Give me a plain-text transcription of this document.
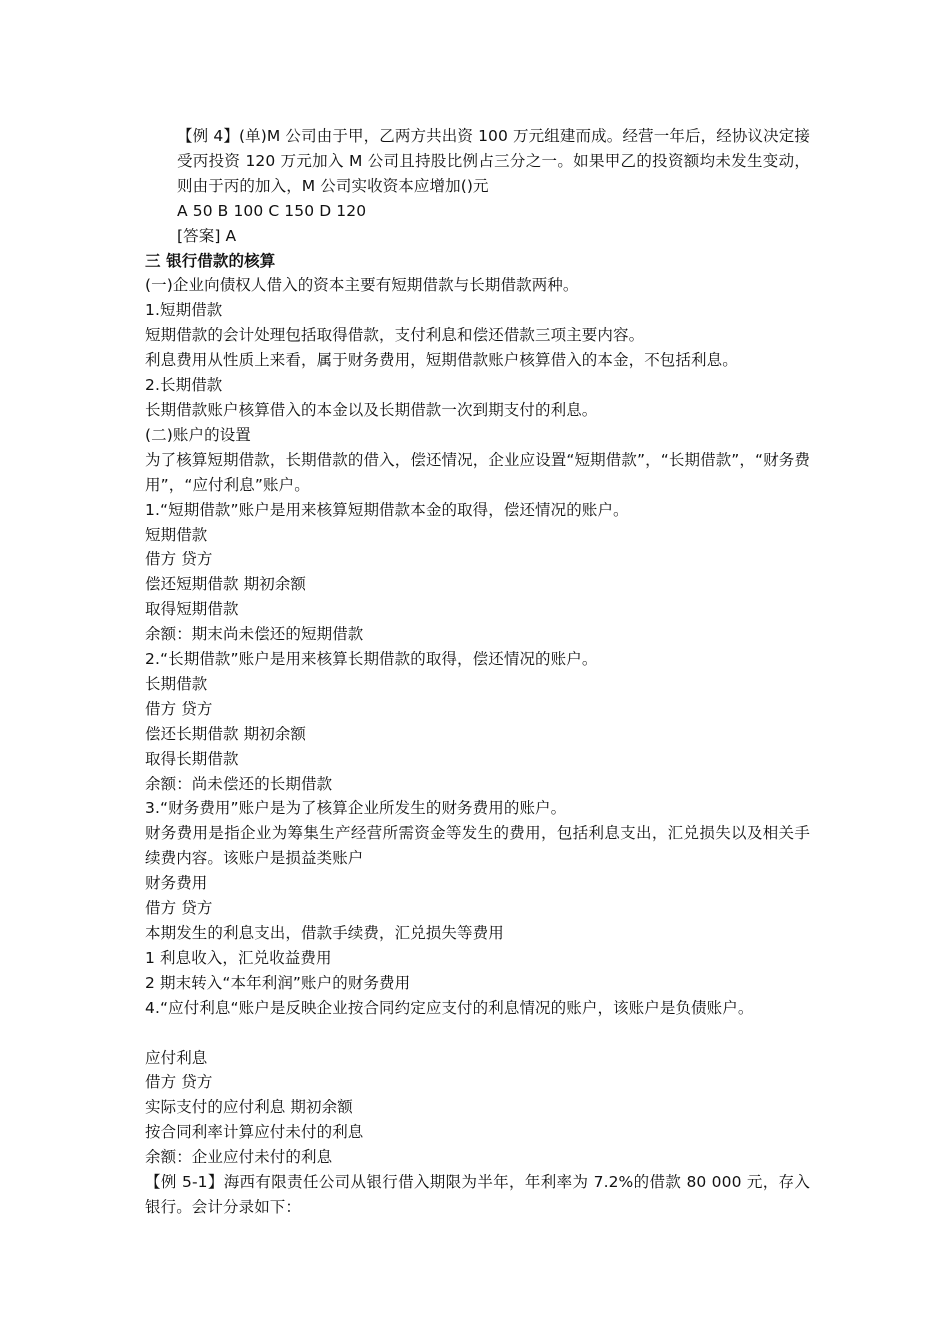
【例 4】(单)M 公司由于甲，乙两方共出资 100 万元组建而成。经营一年后，经协议决定接受丙投资 120 万元加入 M 公司且持股比例占三分之一。如果甲乙的投资额均未发生变动，则由于丙的加入，M 公司实收资本应增加()元

A 50 B 100 C 150 D 120

[答案] A

三 银行借款的核算

(一)企业向债权人借入的资本主要有短期借款与长期借款两种。

1.短期借款

短期借款的会计处理包括取得借款，支付利息和偿还借款三项主要内容。

利息费用从性质上来看，属于财务费用，短期借款账户核算借入的本金，不包括利息。

2.长期借款

长期借款账户核算借入的本金以及长期借款一次到期支付的利息。

(二)账户的设置

为了核算短期借款，长期借款的借入，偿还情况，企业应设置“短期借款”，“长期借款”，“财务费用”，“应付利息”账户。

1.“短期借款”账户是用来核算短期借款本金的取得，偿还情况的账户。

短期借款

借方 贷方

偿还短期借款 期初余额

取得短期借款

余额：期末尚未偿还的短期借款

2.“长期借款”账户是用来核算长期借款的取得，偿还情况的账户。

长期借款

借方 贷方

偿还长期借款 期初余额

取得长期借款

余额：尚未偿还的长期借款

3.“财务费用”账户是为了核算企业所发生的财务费用的账户。

财务费用是指企业为筹集生产经营所需资金等发生的费用，包括利息支出，汇兑损失以及相关手续费内容。该账户是损益类账户

财务费用

借方 贷方

本期发生的利息支出，借款手续费，汇兑损失等费用

1 利息收入，汇兑收益费用

2 期末转入“本年利润”账户的财务费用

4.“应付利息“账户是反映企业按合同约定应支付的利息情况的账户，该账户是负债账户。

应付利息

借方 贷方

实际支付的应付利息 期初余额

按合同利率计算应付未付的利息

余额：企业应付未付的利息

【例 5-1】海西有限责任公司从银行借入期限为半年，年利率为 7.2%的借款 80 000 元，存入银行。会计分录如下：
